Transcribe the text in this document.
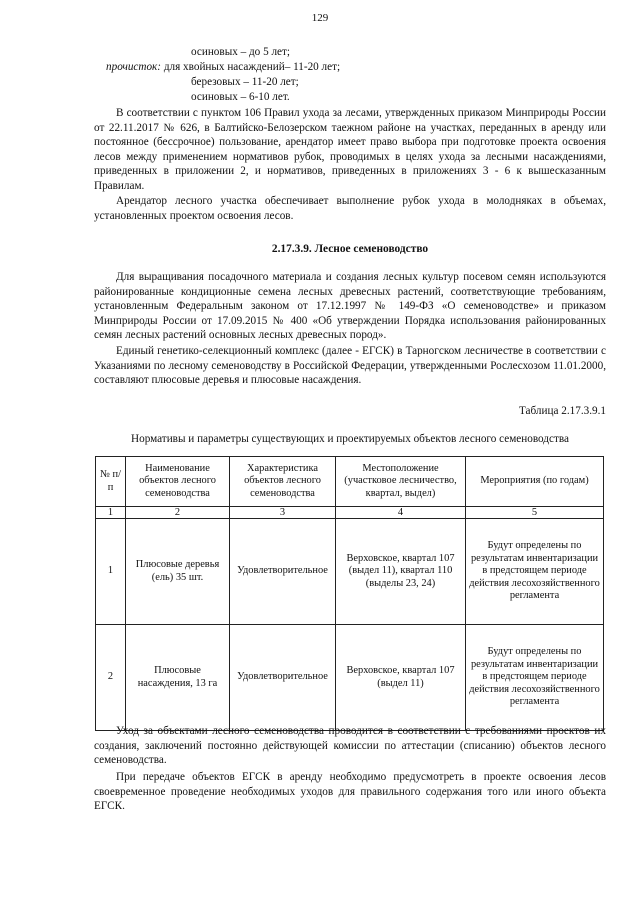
129
осиновых – до 5 лет;
прочисток: для хвойных насаждений– 11-20 лет;
березовых – 11-20 лет;
осиновых – 6-10 лет.
В соответствии с пунктом 106 Правил ухода за лесами, утвержденных приказом Минприроды России от 22.11.2017 № 626, в Балтийско-Белозерском таежном районе на участках, переданных в аренду или постоянное (бессрочное) пользование, арендатор имеет право выбора при подготовке проекта освоения лесов между применением нормативов рубок, проводимых в целях ухода за лесными насаждениями, приведенных в приложении 2, и нормативов, приведенных в приложениях 3 - 6 к вышесказанным Правилам.
Арендатор лесного участка обеспечивает выполнение рубок ухода в молодняках в объемах, установленных проектом освоения лесов.
2.17.3.9. Лесное семеноводство
Для выращивания посадочного материала и создания лесных культур посевом семян используются районированные кондиционные семена лесных древесных растений, соответствующие требованиям, установленным Федеральным законом от 17.12.1997 № 149-ФЗ «О семеноводстве» и приказом Минприроды России от 17.09.2015 № 400 «Об утверждении Порядка использования районированных семян лесных растений основных лесных древесных пород».
Единый генетико-селекционный комплекс (далее - ЕГСК) в Тарногском лесничестве в соответствии с Указаниями по лесному семеноводству в Российской Федерации, утвержденными Рослесхозом 11.01.2000, составляют плюсовые деревья и плюсовые насаждения.
Таблица 2.17.3.9.1
Нормативы и параметры существующих и проектируемых объектов лесного семеноводства
№ п/п	Наименование объектов лесного семеноводства	Характеристика объектов лесного семеноводства	Местоположение (участковое лесничество, квартал, выдел)	Мероприятия (по годам)
1	2	3	4	5
1	Плюсовые деревья (ель) 35 шт.	Удовлетворительное	Верховское, квартал 107 (выдел 11), квартал 110 (выделы 23, 24)	Будут определены по результатам инвентаризации в предстоящем периоде действия лесохозяйственного регламента
2	Плюсовые насаждения, 13 га	Удовлетворительное	Верховское, квартал 107 (выдел 11)	Будут определены по результатам инвентаризации в предстоящем периоде действия лесохозяйственного регламента
Уход за объектами лесного семеноводства проводится в соответствии с требованиями проектов их создания, заключений постоянно действующей комиссии по аттестации (списанию) объектов лесного семеноводства.
При передаче объектов ЕГСК в аренду необходимо предусмотреть в проекте освоения лесов своевременное проведение необходимых уходов для правильного содержания того или иного объекта ЕГСК.
